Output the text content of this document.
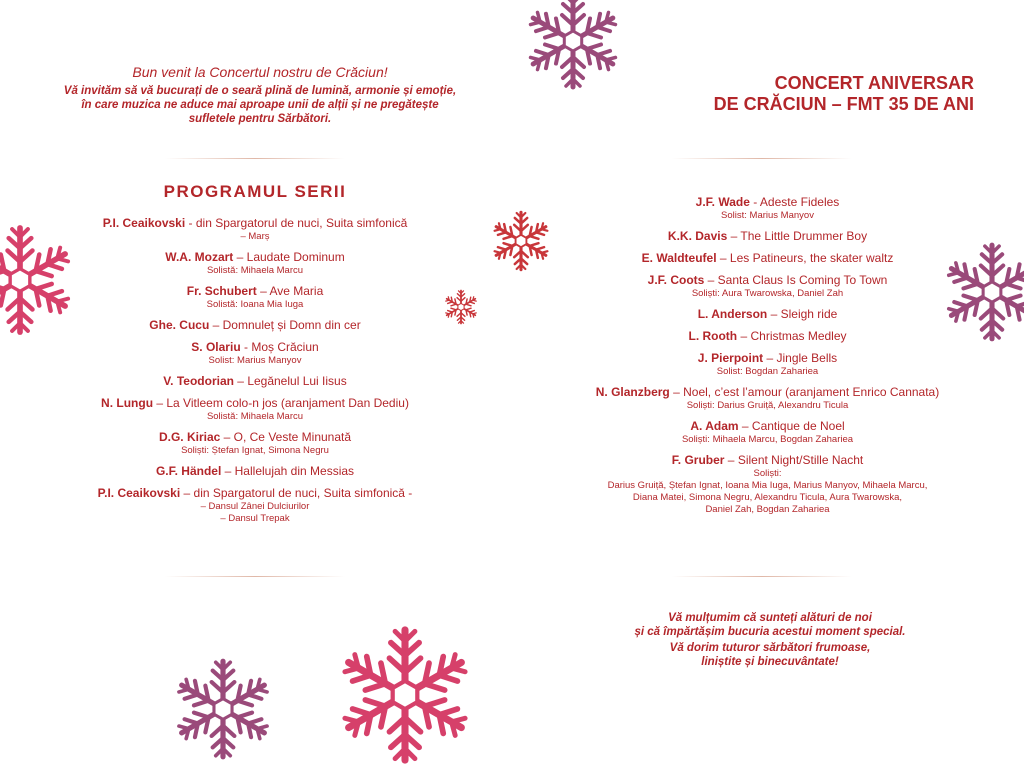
Bun venit la Concertul nostru de Crăciun!
Vă invităm să vă bucurați de o seară plină de lumină, armonie și emoție,
în care muzica ne aduce mai aproape unii de alții și ne pregătește
sufletele pentru Sărbători.
CONCERT ANIVERSAR
DE CRĂCIUN – FMT 35 DE ANI
PROGRAMUL SERII
P.I. Ceaikovski - din Spargatorul de nuci, Suita simfonică
– Marș
W.A. Mozart – Laudate Dominum
Solistă: Mihaela Marcu
Fr. Schubert – Ave Maria
Solistă: Ioana Mia Iuga
Ghe. Cucu – Domnuleț și Domn din cer
S. Olariu - Moș Crăciun
Solist: Marius Manyov
V. Teodorian – Legănelul Lui Iisus
N. Lungu – La Vitleem colo-n jos (aranjament Dan Dediu)
Solistă: Mihaela Marcu
D.G. Kiriac – O, Ce Veste Minunată
Soliști: Ștefan Ignat, Simona Negru
G.F. Händel – Hallelujah din Messias
P.I. Ceaikovski – din Spargatorul de nuci, Suita simfonică -
– Dansul Zânei Dulciurilor
– Dansul Trepak
J.F. Wade - Adeste Fideles
Solist: Marius Manyov
K.K. Davis – The Little Drummer Boy
E. Waldteufel – Les Patineurs, the skater waltz
J.F. Coots – Santa Claus Is Coming To Town
Soliști: Aura Twarowska, Daniel Zah
L. Anderson – Sleigh ride
L. Rooth – Christmas Medley
J. Pierpoint – Jingle Bells
Solist: Bogdan Zahariea
N. Glanzberg – Noel, c’est l’amour (aranjament Enrico Cannata)
Soliști: Darius Gruiță, Alexandru Ticula
A. Adam – Cantique de Noel
Soliști: Mihaela Marcu, Bogdan Zahariea
F. Gruber – Silent Night/Stille Nacht
Soliști:
Darius Gruiță, Ștefan Ignat, Ioana Mia Iuga, Marius Manyov, Mihaela Marcu,
Diana Matei, Simona Negru, Alexandru Ticula, Aura Twarowska,
Daniel Zah, Bogdan Zahariea
Vă mulțumim că sunteți alături de noi
și că împărtășim bucuria acestui moment special.
Vă dorim tuturor sărbători frumoase,
liniștite și binecuvântate!
